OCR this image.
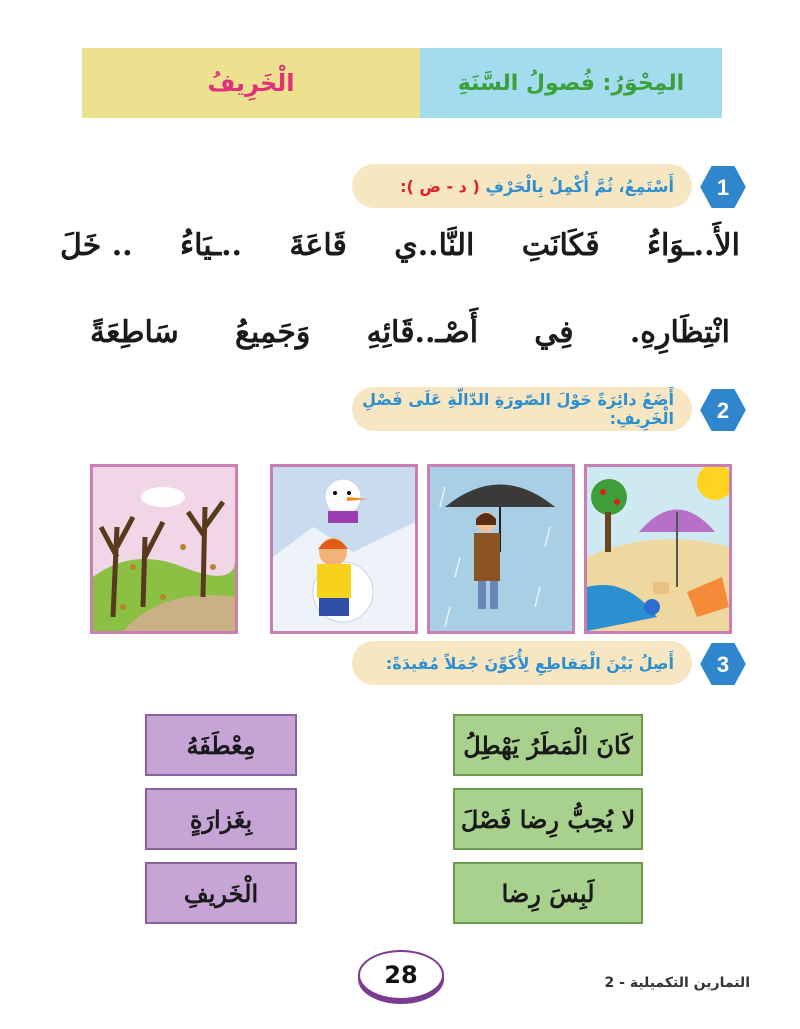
الْخَرِيفُ	المِحْوَرُ: فُصولُ السَّنَةِ
1
أَسْتَمِعُ، ثُمَّ أُكْمِلُ بِالْحَرْفِ

( د - ض ):
الأَ..ـوَاءُ
فَكَانَتِ
النَّا..ي
قَاعَةَ
..ـيَاءُ
.. خَلَ
انْتِظَارِهِ.
فِي
أَصْـ..قَائِهِ
وَجَمِيعُ
سَاطِعَةً
2
أَضَعُ دائِرَةً حَوْلَ الصّورَةِ الدّالّةِ عَلَى فَصْلِ الْخَرِيفِ:
3
أَصِلُ بَيْنَ الْمَقاطِعِ لِأُكَوِّنَ جُمَلاً مُفيدَةً:
كَانَ الْمَطَرُ يَهْطِلُ
لا يُحِبُّ رِضا فَصْلَ
لَبِسَ رِضا
مِعْطَفَهُ
بِغَزارَةٍ
الْخَريفِ
28	التمارين التكميلية - 2
